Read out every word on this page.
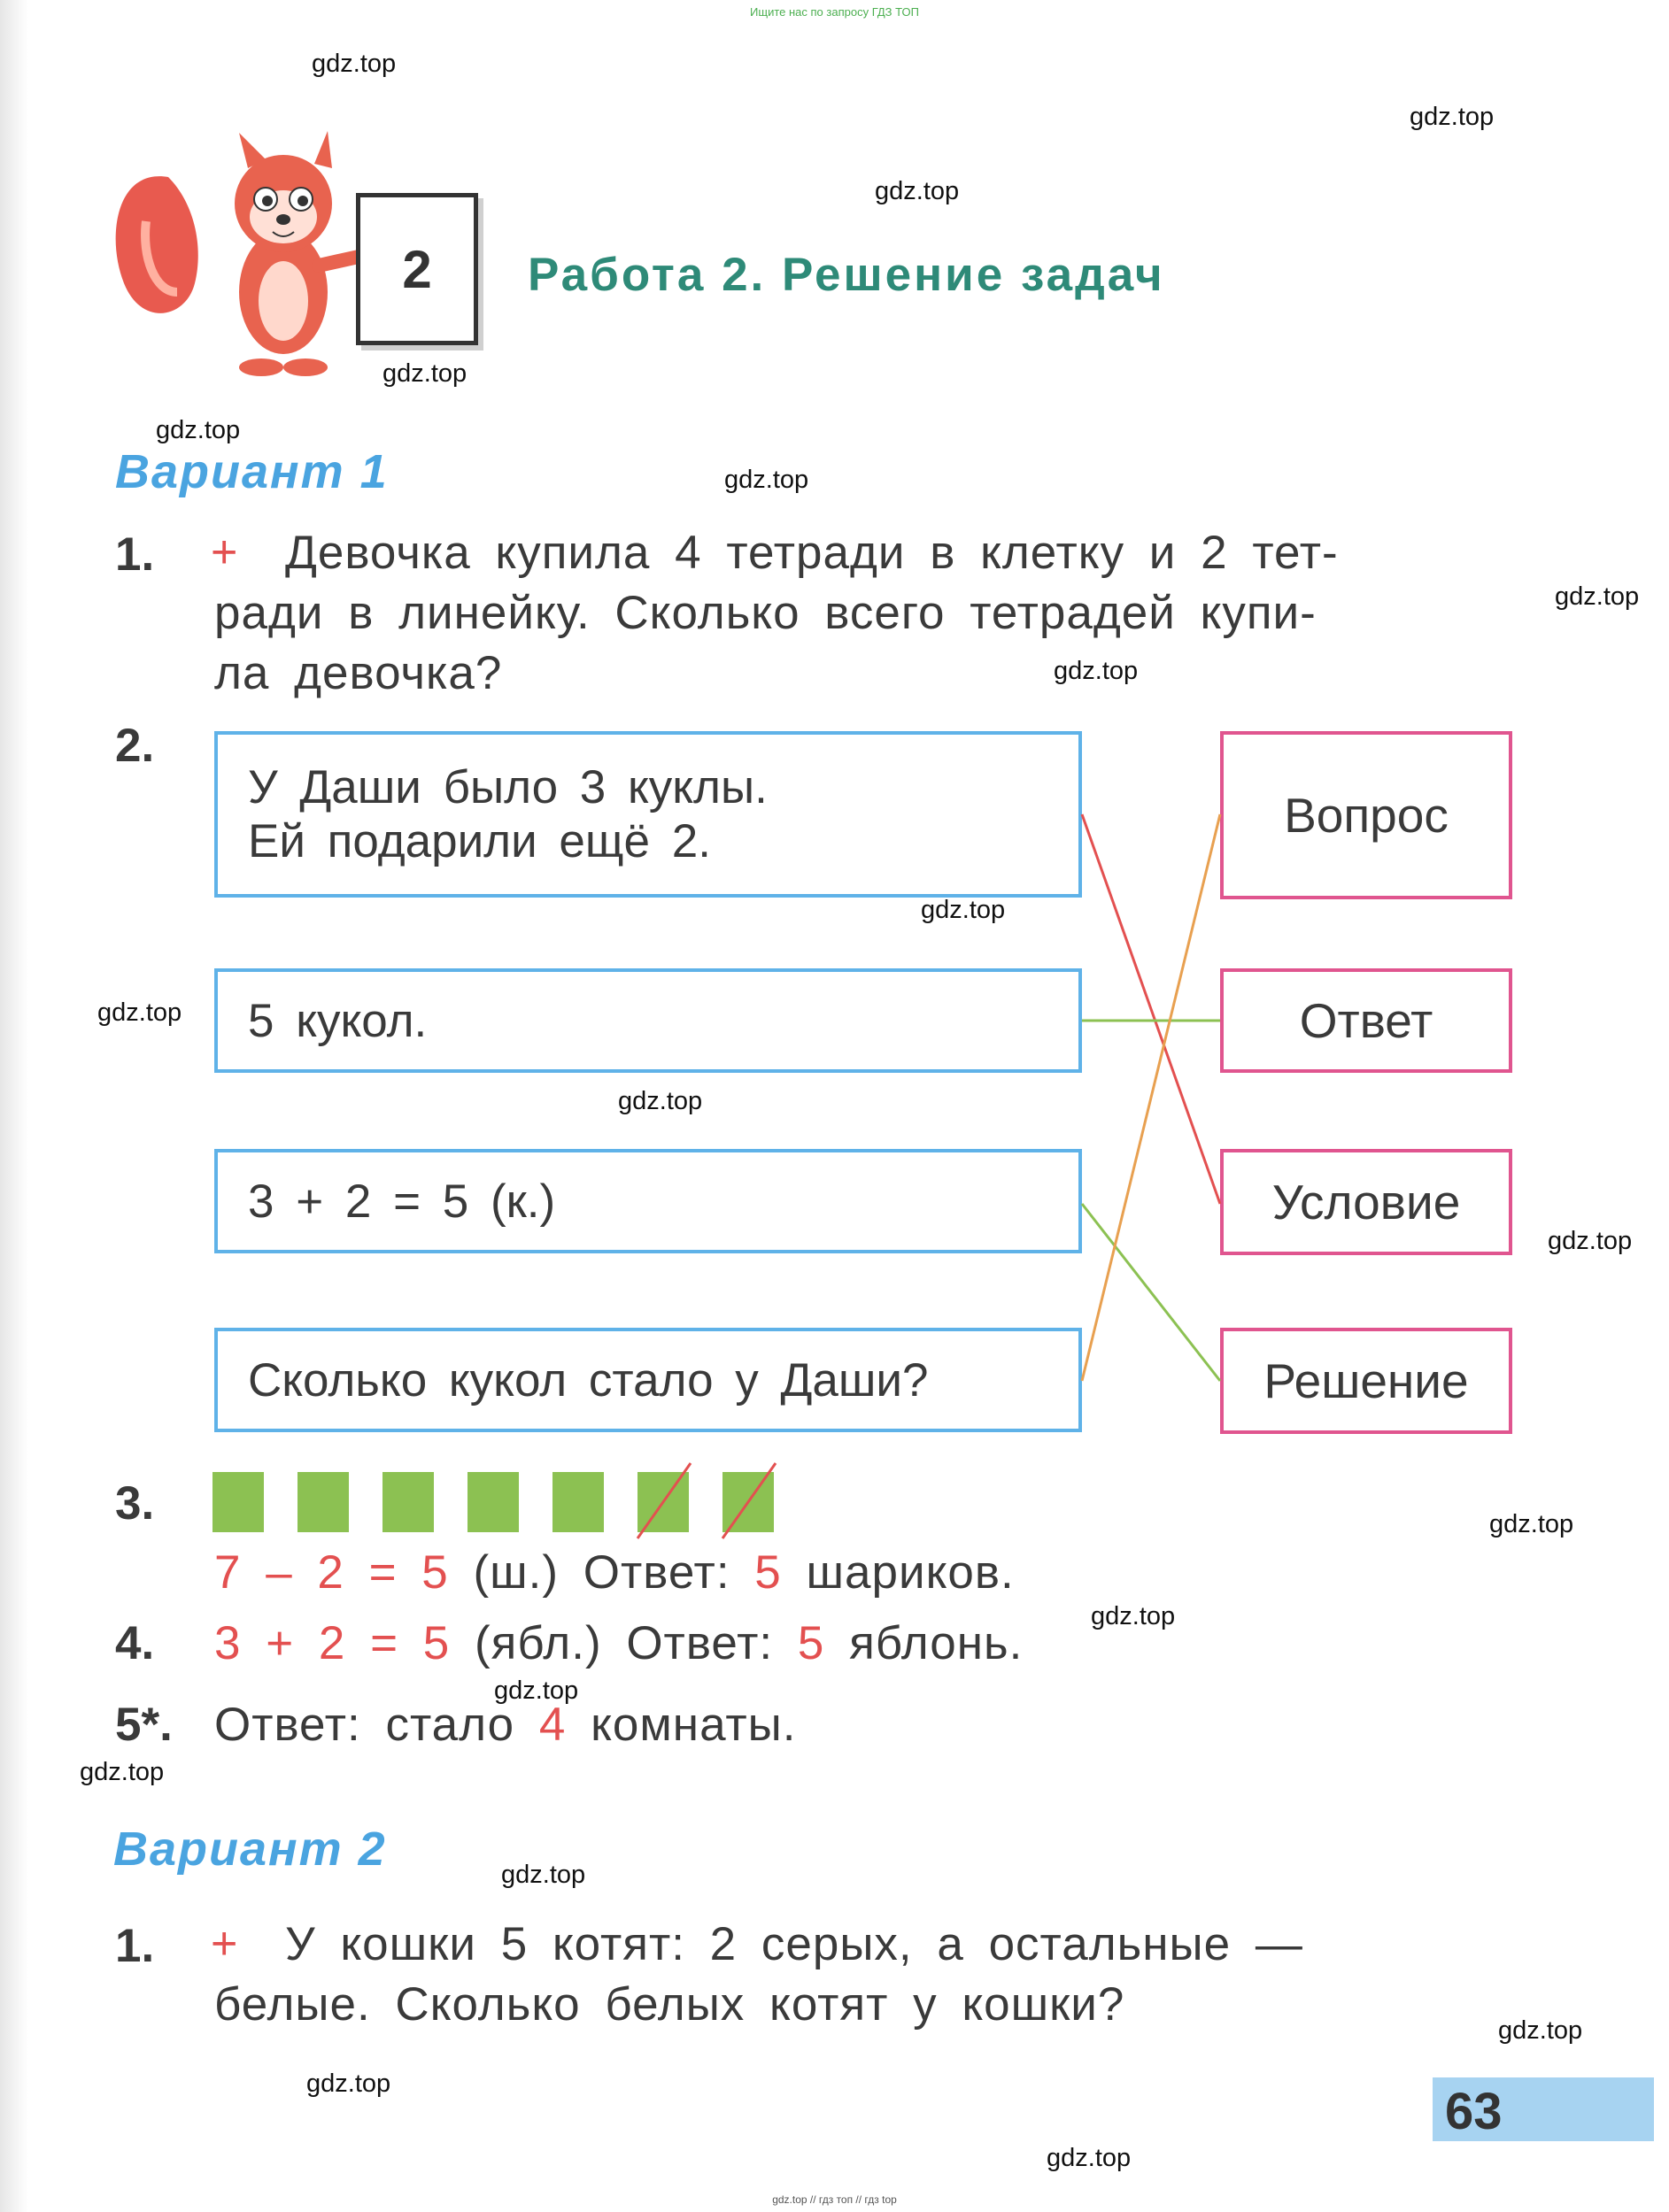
Ищите нас по запросу ГДЗ ТОП
2	Работа 2. Решение задач
Вариант 1
1. + Девочка купила 4 тетради в клетку и 2 тет-
ради в линейку. Сколько всего тетрадей купи-
ла девочка?
2.
У Даши было 3 куклы.
Ей подарили ещё 2.
5 кукол.
3 + 2 = 5 (к.)
Сколько кукол стало у Даши?
Вопрос
Ответ
Условие
Решение
3.
7 – 2 = 5 (ш.) Ответ: 5 шариков.
4. 3 + 2 = 5 (ябл.) Ответ: 5 яблонь.
5*. Ответ: стало 4 комнаты.
Вариант 2
1. + У кошки 5 котят: 2 серых, а остальные —
белые. Сколько белых котят у кошки?
63
gdz.top
gdz.top
gdz.top
gdz.top
gdz.top
gdz.top
gdz.top
gdz.top
gdz.top
gdz.top
gdz.top
gdz.top
gdz.top
gdz.top
gdz.top
gdz.top
gdz.top
gdz.top
gdz.top
gdz.top
gdz.top // гдз топ // гдз top
